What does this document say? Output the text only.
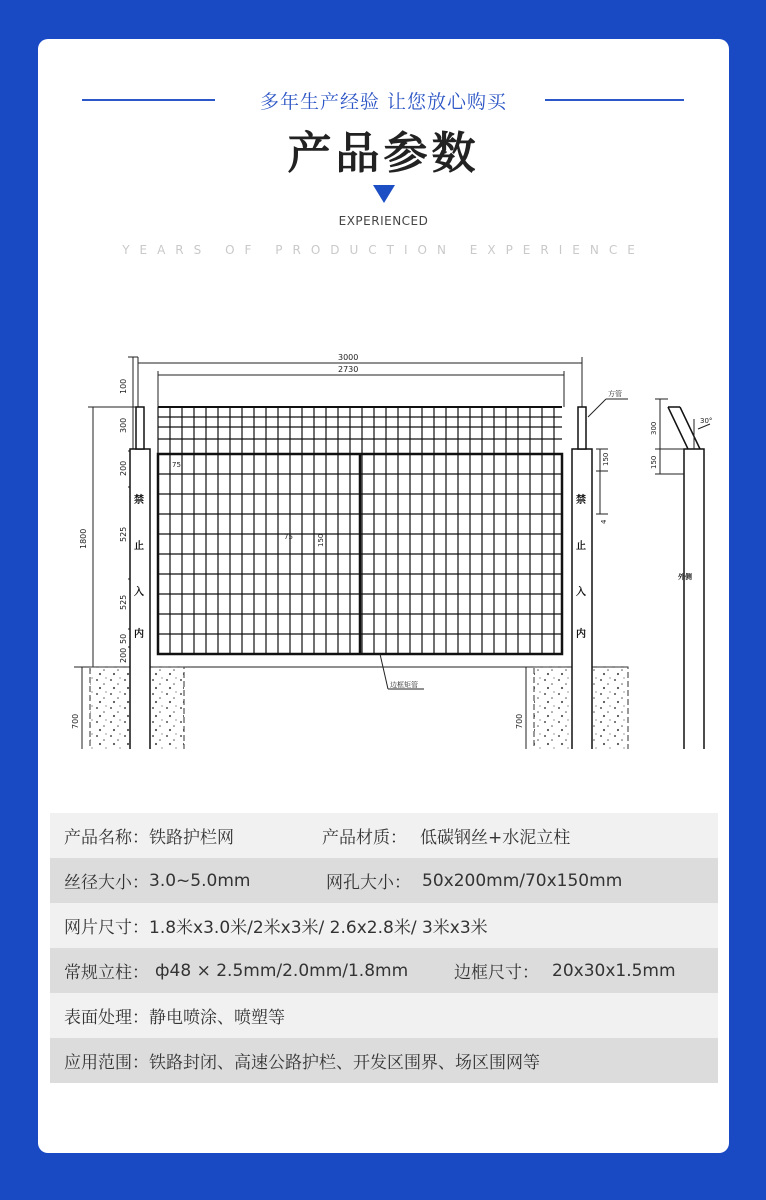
多年生产经验 让您放心购买
产品参数
EXPERIENCED
YEARS OF PRODUCTION EXPERIENCE
3000
2730
100
300
200
525
525
50
200
1800
700	700
禁
止
入
内
禁
止
入
内
75
75	150
150
4
方管
边框矩管
300
150
30°
外侧
产品名称： 铁路护栏网	产品材质： 低碳钢丝+水泥立柱
丝径大小： 3.0~5.0mm	网孔大小： 50x200mm/70x150mm
网片尺寸： 1.8米x3.0米/2米x3米/ 2.6x2.8米/ 3米x3米
常规立柱： ф48 × 2.5mm/2.0mm/1.8mm	边框尺寸： 20x30x1.5mm
表面处理： 静电喷涂、喷塑等
应用范围： 铁路封闭、高速公路护栏、开发区围界、场区围网等
